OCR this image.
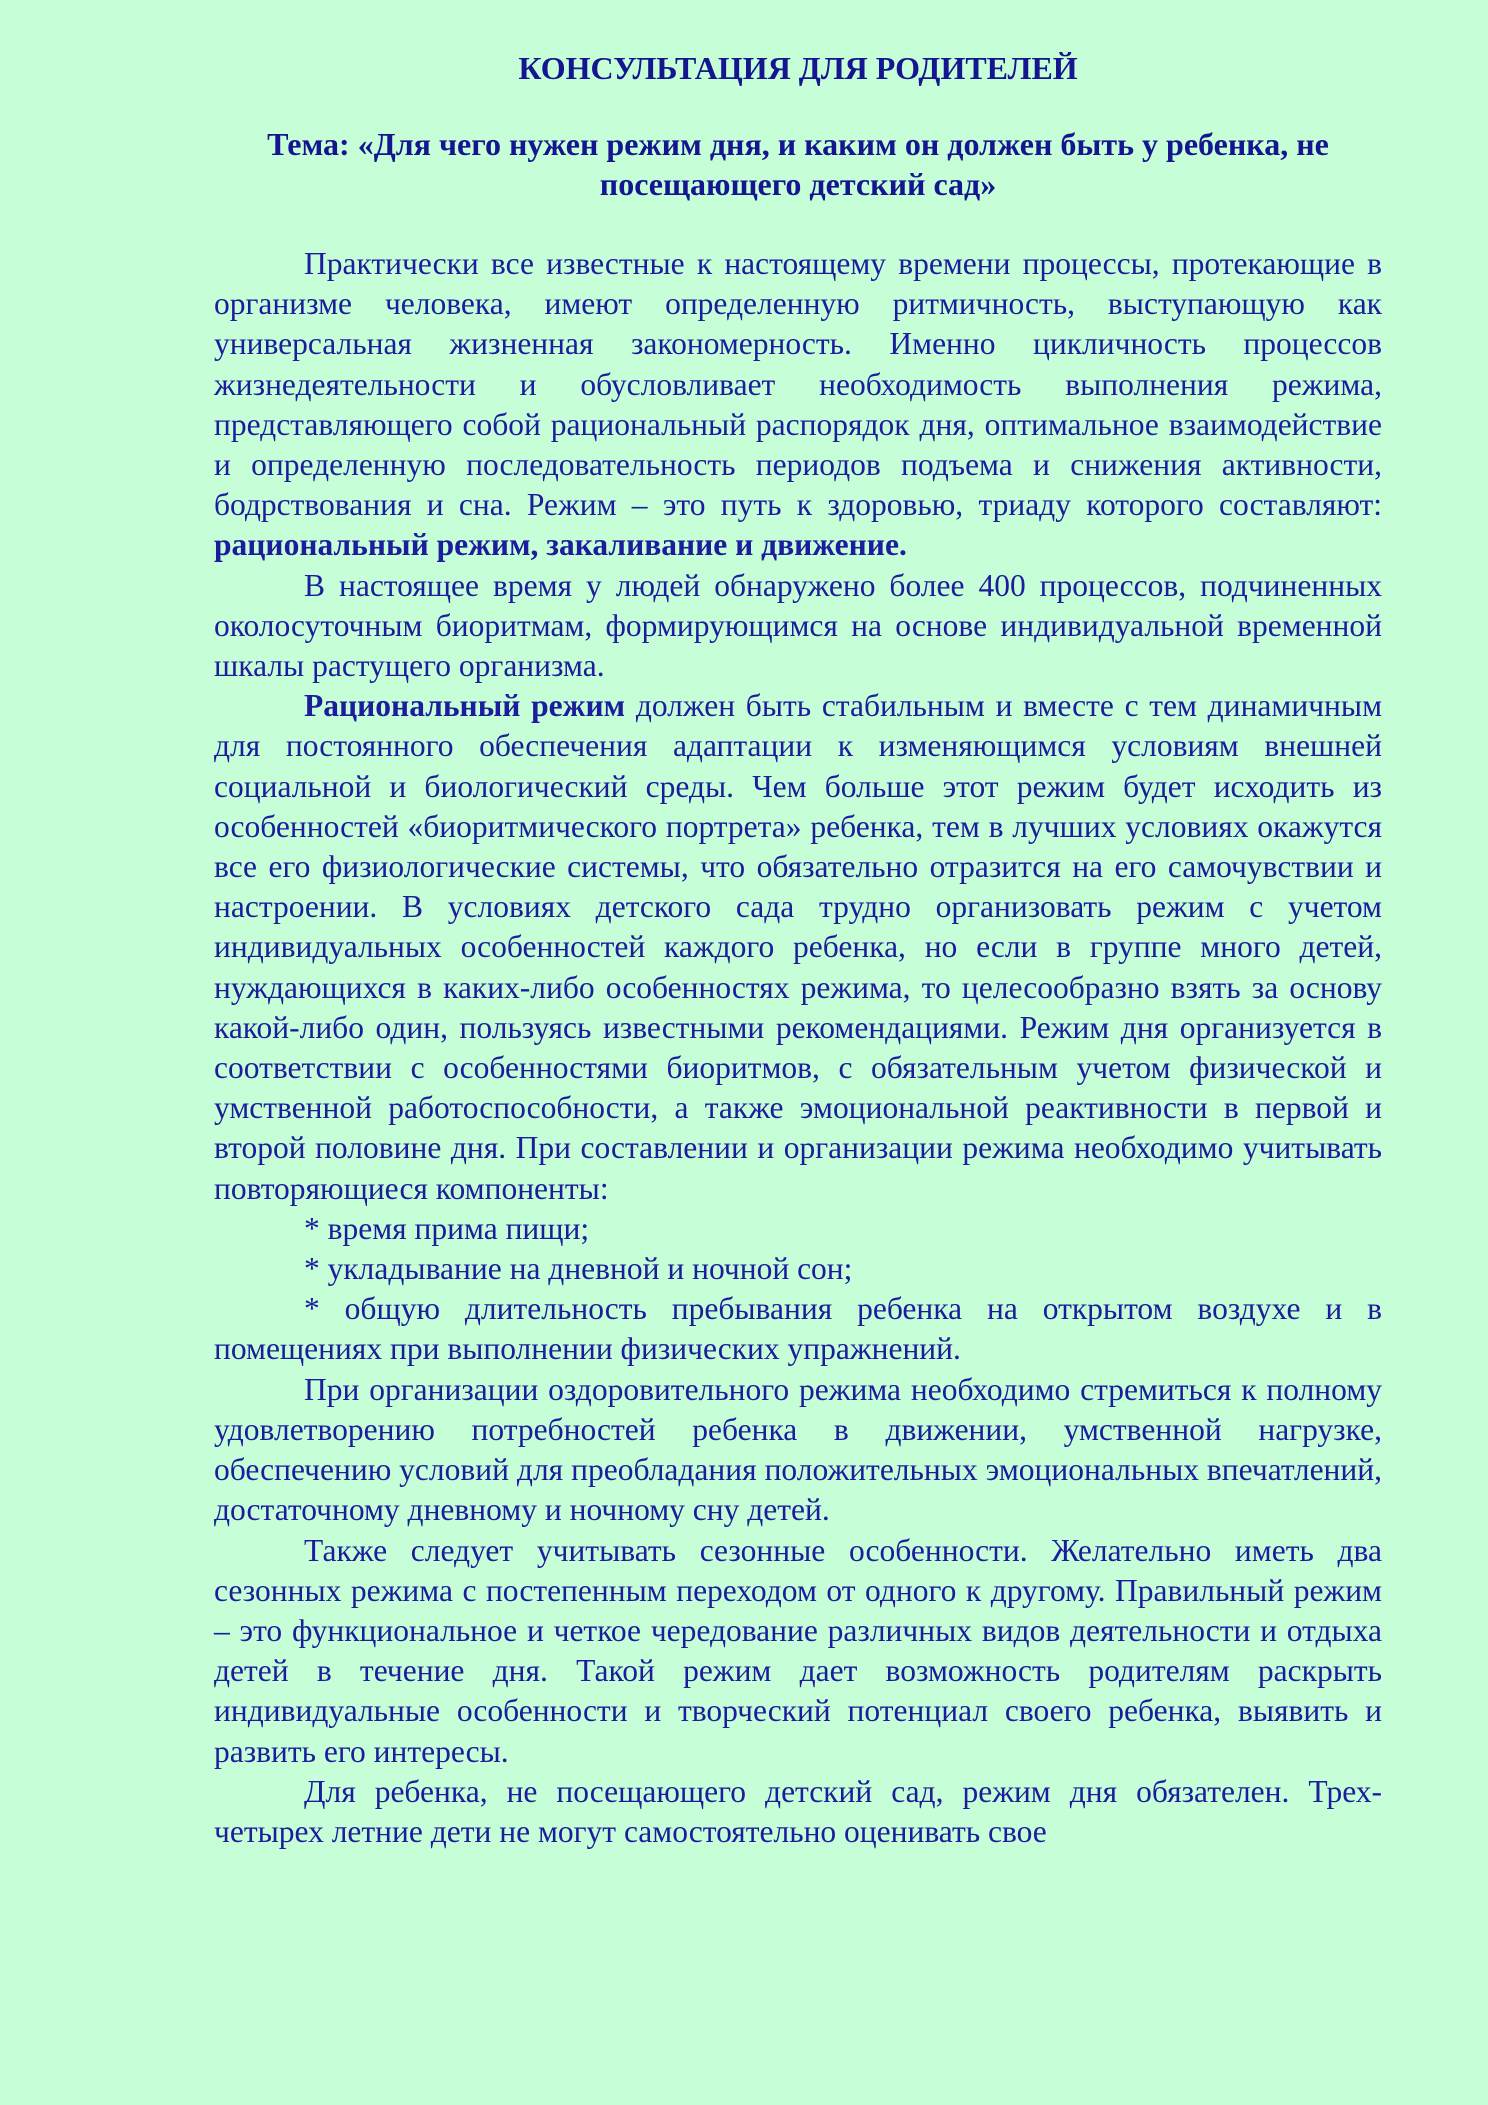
КОНСУЛЬТАЦИЯ ДЛЯ РОДИТЕЛЕЙ
Тема: «Для чего нужен режим дня, и каким он должен быть у ребенка, не посещающего детский сад»

Практически все известные к настоящему времени процессы, протекающие в организме человека, имеют определенную ритмичность, выступающую как универсальная жизненная закономерность. Именно цикличность процессов жизнедеятельности и обусловливает необходимость выполнения режима, представляющего собой рациональный распорядок дня, оптимальное взаимодействие и определенную последовательность периодов подъема и снижения активности, бодрствования и сна. Режим – это путь к здоровью, триаду которого составляют: рациональный режим, закаливание и движение.

В настоящее время у людей обнаружено более 400 процессов, подчиненных околосуточным биоритмам, формирующимся на основе индивидуальной временной шкалы растущего организма.

Рациональный режим должен быть стабильным и вместе с тем динамичным для постоянного обеспечения адаптации к изменяющимся условиям внешней социальной и биологический среды. Чем больше этот режим будет исходить из особенностей «биоритмического портрета» ребенка, тем в лучших условиях окажутся все его физиологические системы, что обязательно отразится на его самочувствии и настроении. В условиях детского сада трудно организовать режим с учетом индивидуальных особенностей каждого ребенка, но если в группе много детей, нуждающихся в каких-либо особенностях режима, то целесообразно взять за основу какой-либо один, пользуясь известными рекомендациями. Режим дня организуется в соответствии с особенностями биоритмов, с обязательным учетом физической и умственной работоспособности, а также эмоциональной реактивности в первой и второй половине дня. При составлении и организации режима необходимо учитывать повторяющиеся компоненты:

* время прима пищи;

* укладывание на дневной и ночной сон;

* общую длительность пребывания ребенка на открытом воздухе и в помещениях при выполнении физических упражнений.

При организации оздоровительного режима необходимо стремиться к полному удовлетворению потребностей ребенка в движении, умственной нагрузке, обеспечению условий для преобладания положительных эмоциональных впечатлений, достаточному дневному и ночному сну детей.

Также следует учитывать сезонные особенности. Желательно иметь два сезонных режима с постепенным переходом от одного к другому. Правильный режим – это функциональное и четкое чередование различных видов деятельности и отдыха детей в течение дня. Такой режим дает возможность родителям раскрыть индивидуальные особенности и творческий потенциал своего ребенка, выявить и развить его интересы.

Для ребенка, не посещающего детский сад, режим дня обязателен. Трех-четырех летние дети не могут самостоятельно оценивать свое
